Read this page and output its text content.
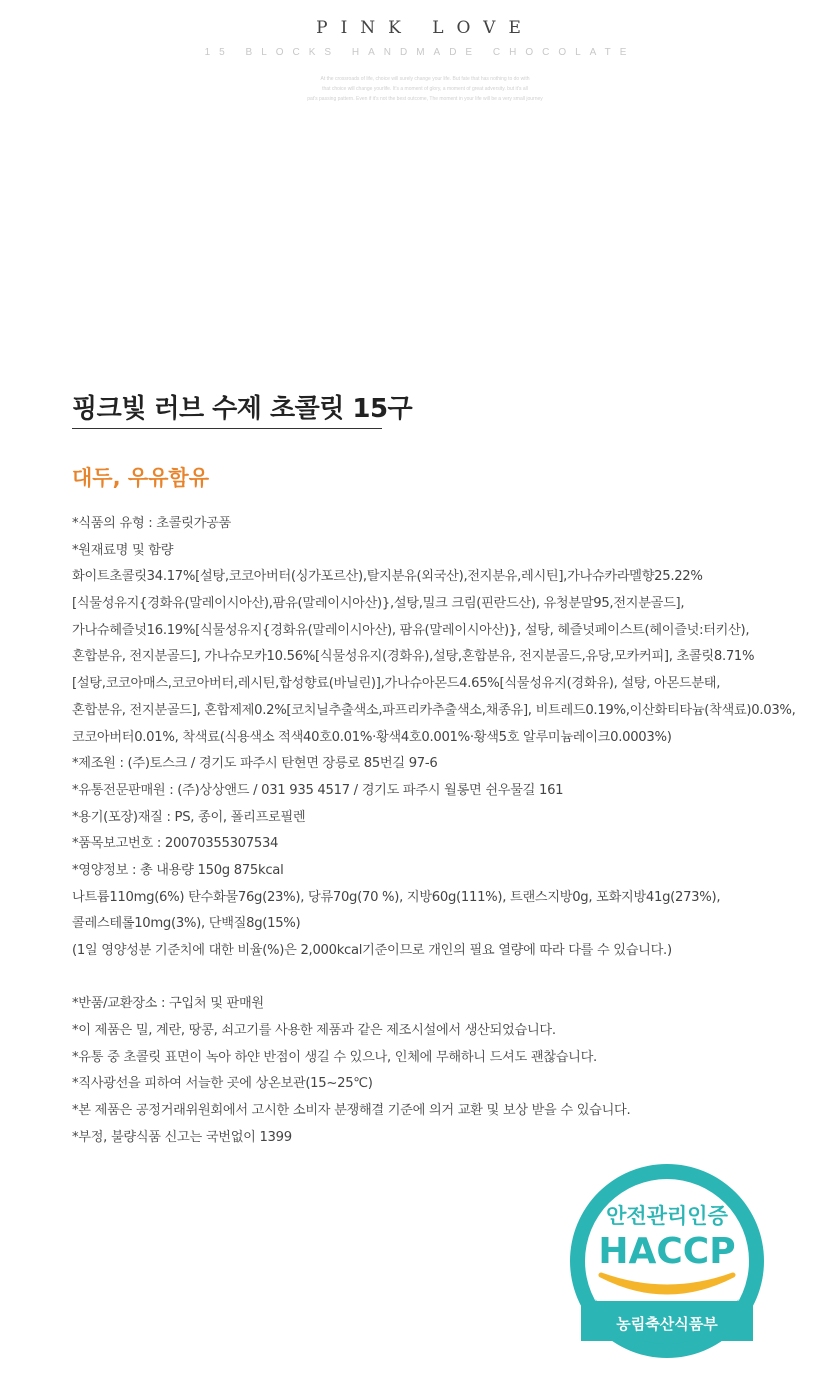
PINK LOVE
15 BLOCKS HANDMADE CHOCOLATE
At the crossroads of life, choice will surely change your life. But fate that has nothing to do with
that choice will change yourlife. It's a moment of glory, a moment of great adversity. but it's all
pat's passing pattern. Even if it's not the best outcome, The moment in your life will be a very small journey
핑크빛 러브 수제 초콜릿 15구
대두, 우유함유
*식품의 유형 : 초콜릿가공품
*원재료명 및 함량
화이트초콜릿34.17%[설탕,코코아버터(싱가포르산),탈지분유(외국산),전지분유,레시틴],가나슈카라멜향25.22%
[식물성유지{경화유(말레이시아산),팜유(말레이시아산)},설탕,밀크 크림(핀란드산), 유청분말95,전지분골드],
가나슈헤즐넛16.19%[식물성유지{경화유(말레이시아산), 팜유(말레이시아산)}, 설탕, 헤즐넛페이스트(헤이즐넛:터키산),
혼합분유, 전지분골드], 가나슈모카10.56%[식물성유지(경화유),설탕,혼합분유, 전지분골드,유당,모카커피], 초콜릿8.71%
[설탕,코코아매스,코코아버터,레시틴,합성향료(바닐린)],가나슈아몬드4.65%[식물성유지(경화유), 설탕, 아몬드분태,
혼합분유, 전지분골드], 혼합제제0.2%[코치닐추출색소,파프리카추출색소,채종유], 비트레드0.19%,이산화티타늄(착색료)0.03%,
코코아버터0.01%, 착색료(식용색소 적색40호0.01%·황색4호0.001%·황색5호 알루미늄레이크0.0003%)
*제조원 : (주)토스크 / 경기도 파주시 탄현면 장릉로 85번길 97-6
*유통전문판매원 : (주)상상앤드 / 031 935 4517 / 경기도 파주시 월롱면 쉰우물길 161
*용기(포장)재질 : PS, 종이, 폴리프로필렌
*품목보고번호 : 20070355307534
*영양정보 : 총 내용량 150g 875kcal
나트륨110mg(6%) 탄수화물76g(23%), 당류70g(70 %), 지방60g(111%), 트랜스지방0g, 포화지방41g(273%),
콜레스테롤10mg(3%), 단백질8g(15%)
(1일 영양성분 기준치에 대한 비율(%)은 2,000kcal기준이므로 개인의 필요 열량에 따라 다를 수 있습니다.)
*반품/교환장소 : 구입처 및 판매원
*이 제품은 밀, 계란, 땅콩, 쇠고기를 사용한 제품과 같은 제조시설에서 생산되었습니다.
*유통 중 초콜릿 표면이 녹아 하얀 반점이 생길 수 있으나, 인체에 무해하니 드셔도 괜찮습니다.
*직사광선을 피하여 서늘한 곳에 상온보관(15~25℃)
*본 제품은 공정거래위원회에서 고시한 소비자 분쟁해결 기준에 의거 교환 및 보상 받을 수 있습니다.
*부정, 불량식품 신고는 국번없이 1399
안전관리인증
HACCP
농림축산식품부
